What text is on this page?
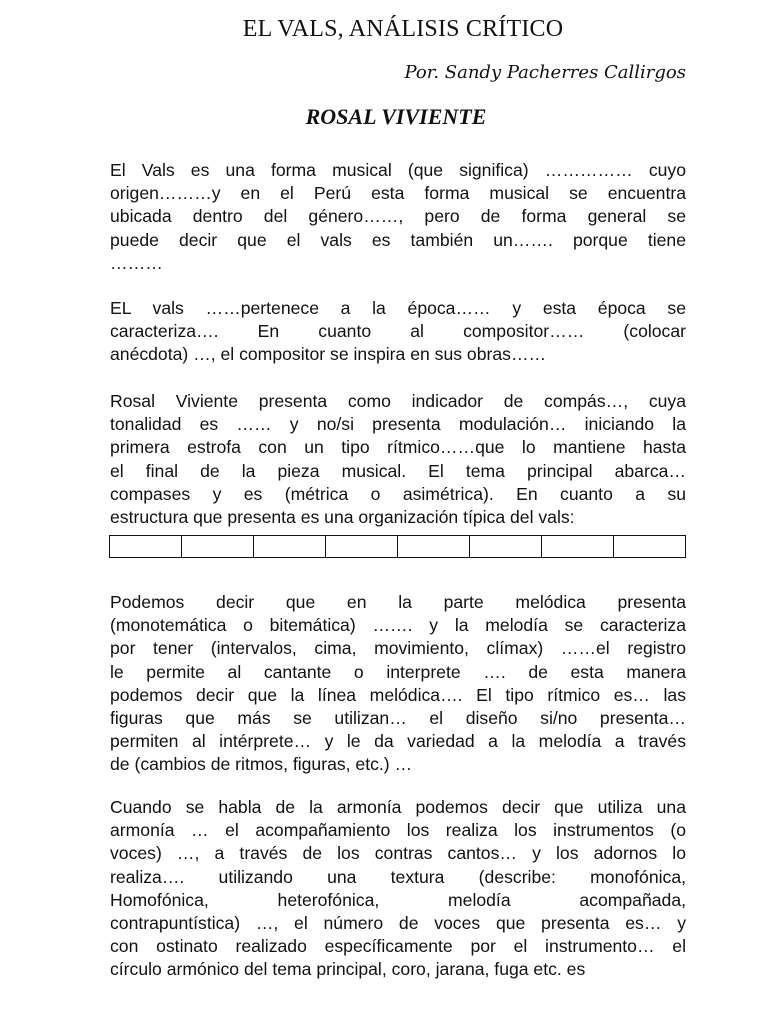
EL VALS, ANÁLISIS CRÍTICO

Por. Sandy Pacherres Callirgos

ROSAL VIVIENTE
El Vals es una forma musical (que significa) …………… cuyo
origen………y en el Perú esta forma musical se encuentra
ubicada dentro del género……, pero de forma general se
puede decir que el vals es también un……. porque tiene
………
EL vals ……pertenece a la época…… y esta época se
caracteriza…. En cuanto al compositor…… (colocar
anécdota) …, el compositor se inspira en sus obras……
Rosal Viviente presenta como indicador de compás…, cuya
tonalidad es …… y no/si presenta modulación… iniciando la
primera estrofa con un tipo rítmico……que lo mantiene hasta
el final de la pieza musical. El tema principal abarca…
compases y es (métrica o asimétrica). En cuanto a su
estructura que presenta es una organización típica del vals:

Podemos decir que en la parte melódica presenta
(monotemática o bitemática) ……. y la melodía se caracteriza
por tener (intervalos, cima, movimiento, clímax) ……el registro
le permite al cantante o interprete …. de esta manera
podemos decir que la línea melódica…. El tipo rítmico es… las
figuras que más se utilizan… el diseño si/no presenta…
permiten al intérprete… y le da variedad a la melodía a través
de (cambios de ritmos, figuras, etc.) …
Cuando se habla de la armonía podemos decir que utiliza una
armonía … el acompañamiento los realiza los instrumentos (o
voces) …, a través de los contras cantos… y los adornos lo
realiza…. utilizando una textura (describe: monofónica,
Homofónica, heterofónica, melodía acompañada,
contrapuntística) …, el número de voces que presenta es… y
con ostinato realizado específicamente por el instrumento… el
círculo armónico del tema principal, coro, jarana, fuga etc. es
